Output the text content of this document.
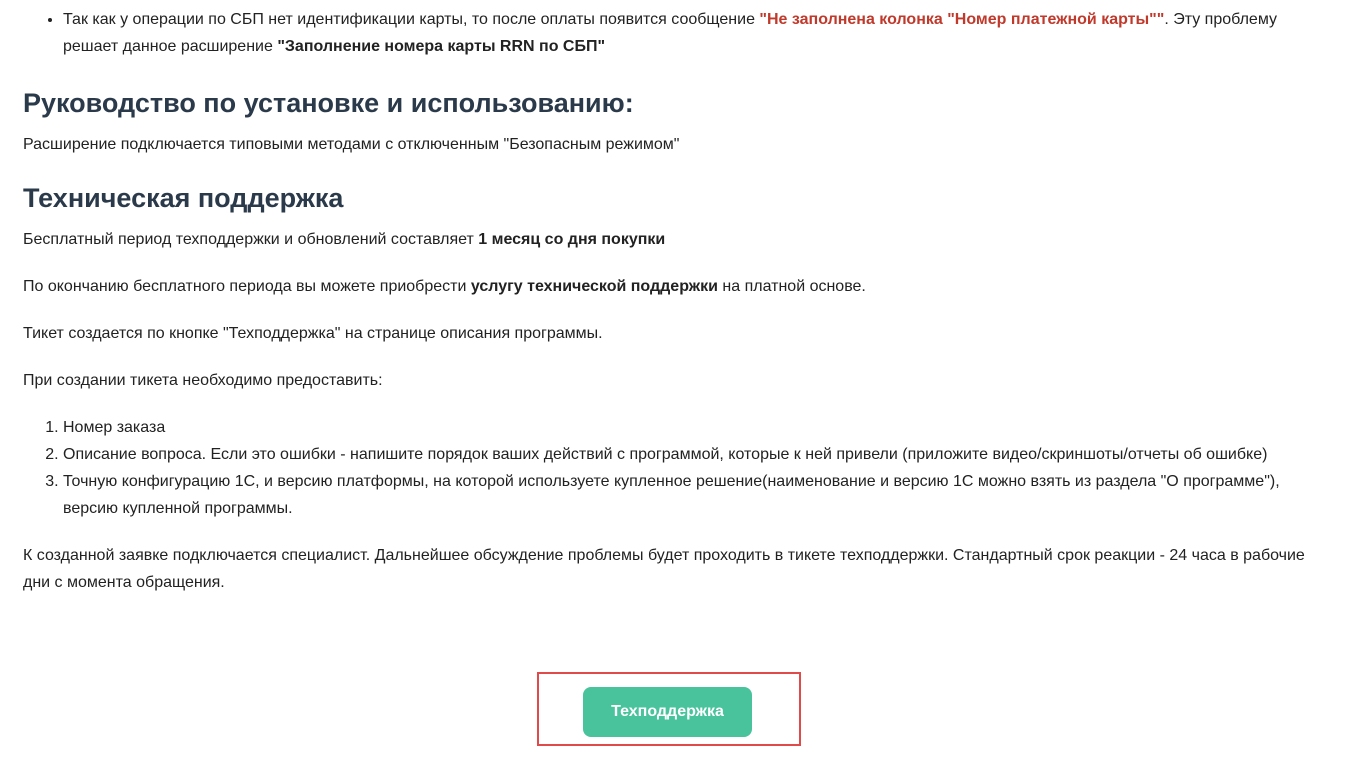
• Так как у операции по СБП нет идентификации карты, то после оплаты появится сообщение "Не заполнена колонка "Номер платежной карты"". Эту проблему решает данное расширение "Заполнение номера карты RRN по СБП"
Руководство по установке и использованию:

Расширение подключается типовыми методами с отключенным "Безопасным режимом"

Техническая поддержка

Бесплатный период техподдержки и обновлений составляет 1 месяц со дня покупки

По окончанию бесплатного периода вы можете приобрести услугу технической поддержки на платной основе.

Тикет создается по кнопке "Техподдержка" на странице описания программы.

При создании тикета необходимо предоставить:

1. Номер заказа
2. Описание вопроса. Если это ошибки - напишите порядок ваших действий с программой, которые к ней привели (приложите видео/скриншоты/отчеты об ошибке)
3. Точную конфигурацию 1С, и версию платформы, на которой используете купленное решение(наименование и версию 1С можно взять из раздела "О программе"), версию купленной программы.

К созданной заявке подключается специалист. Дальнейшее обсуждение проблемы будет проходить в тикете техподдержки. Стандартный срок реакции - 24 часа в рабочие дни с момента обращения.

Техподдержка
